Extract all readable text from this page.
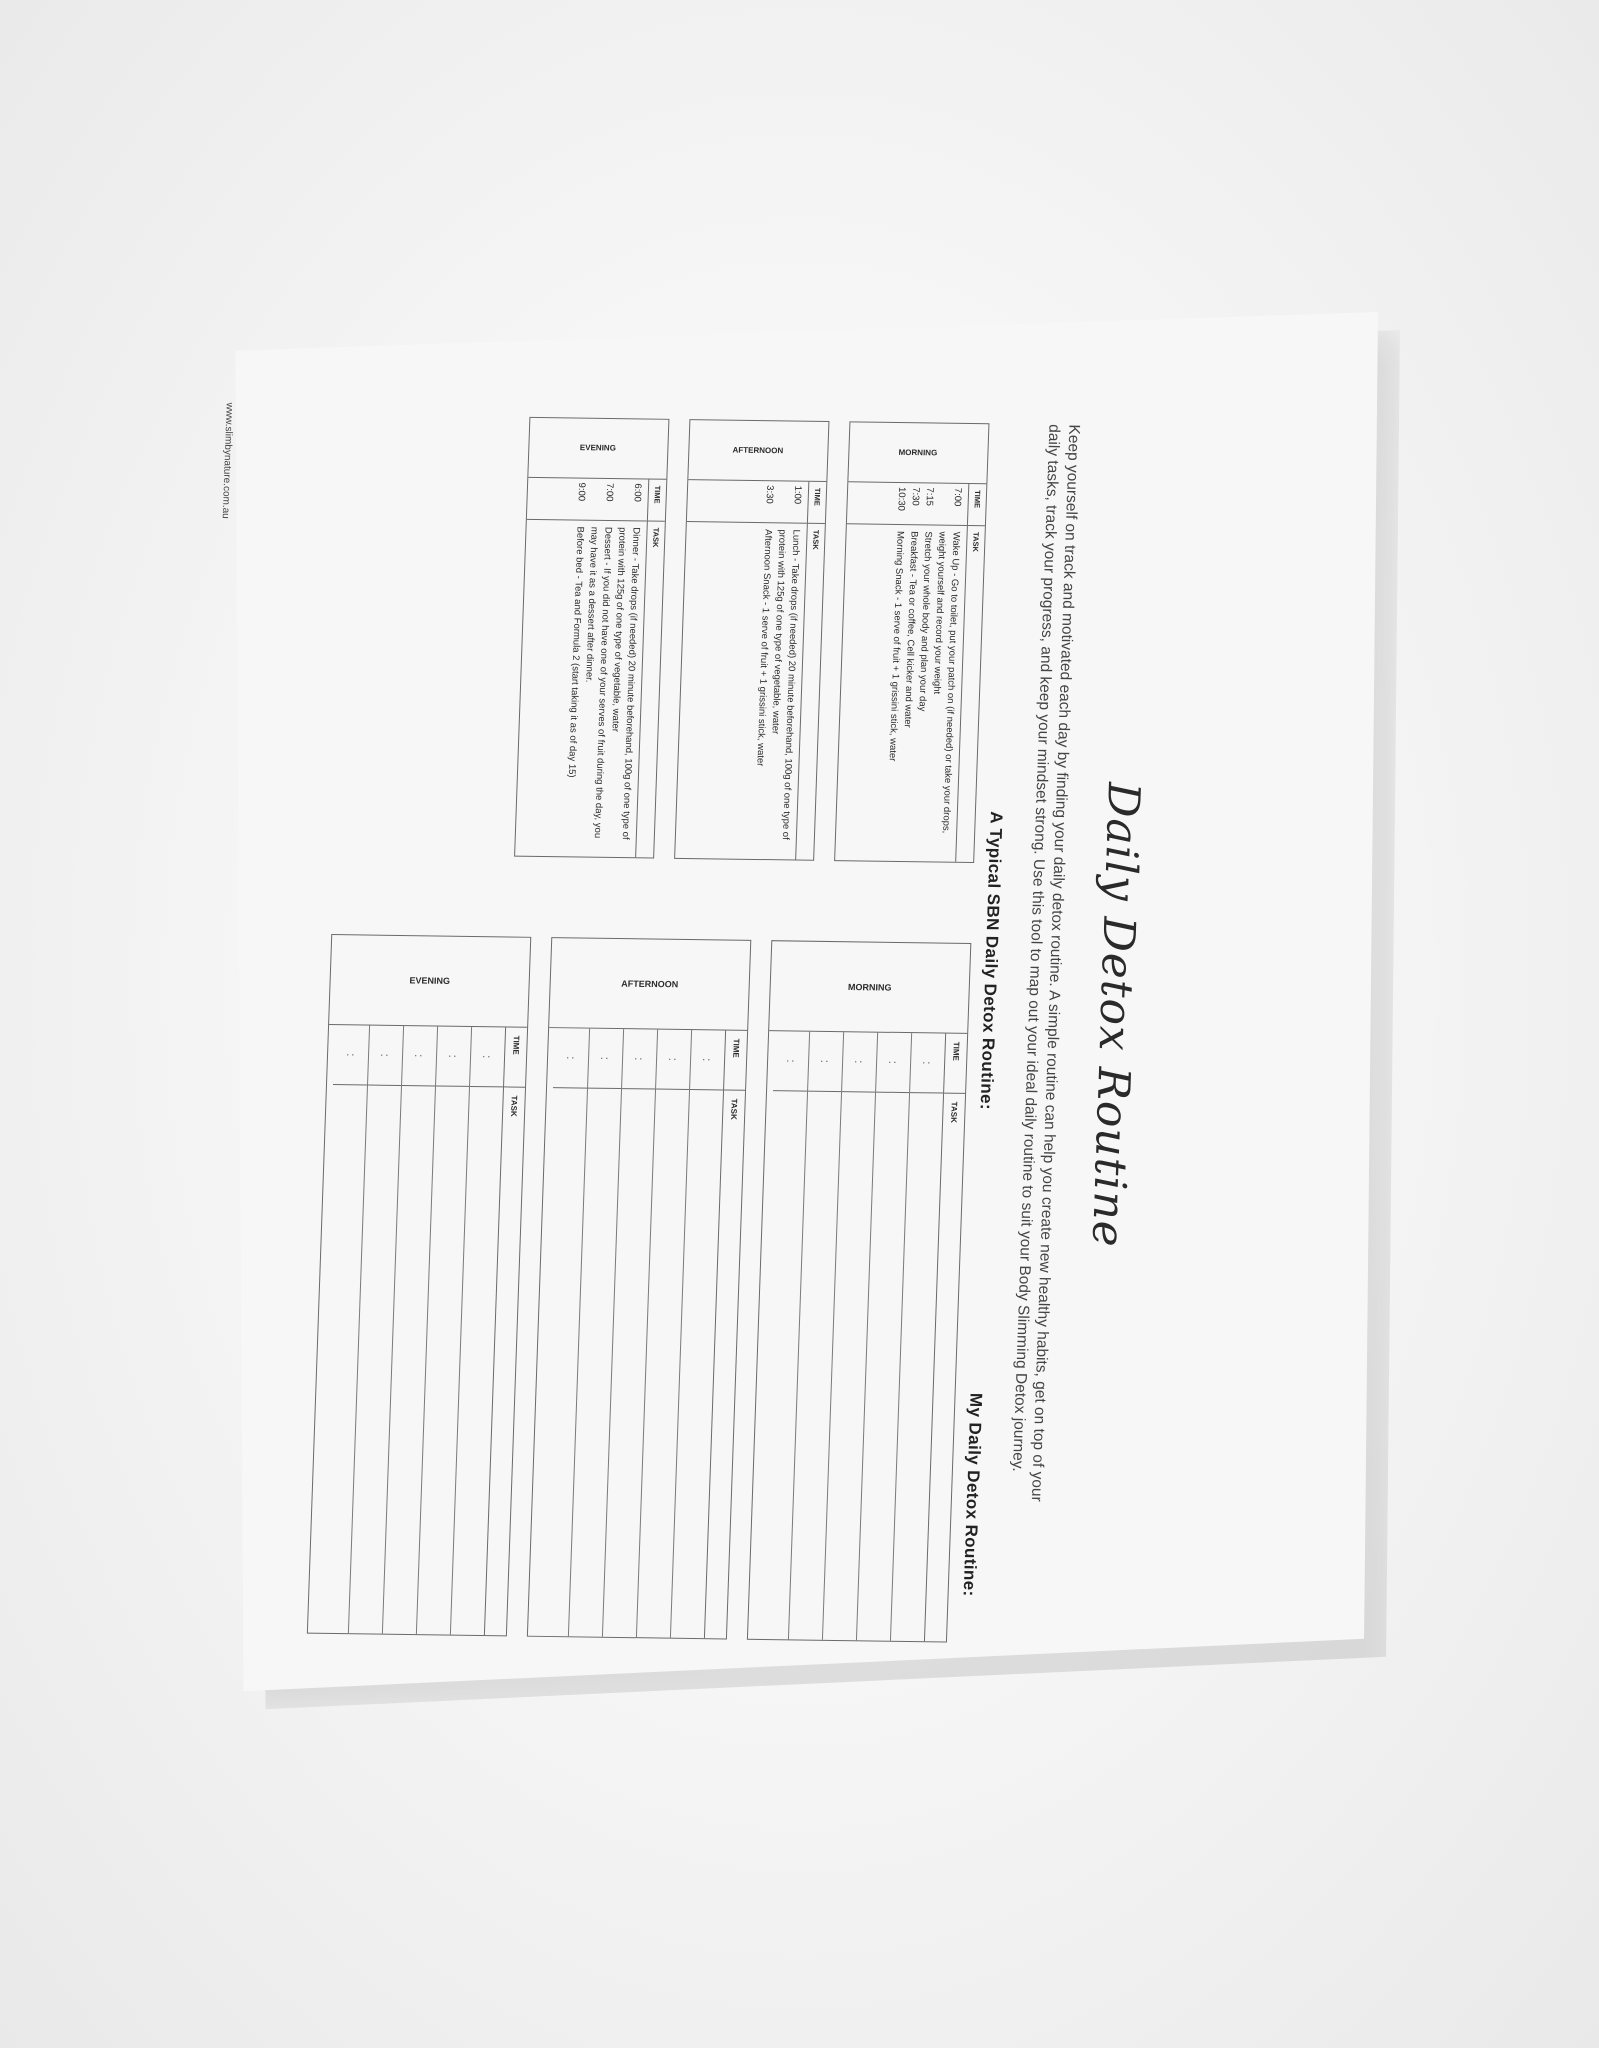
Daily Detox Routine
Keep yourself on track and motivated each day by finding your daily detox routine. A simple routine can help you create new healthy habits, get on top of your daily tasks, track your progress, and keep your mindset strong. Use this tool to map out your ideal daily routine to suit your Body Slimming Detox journey.
A Typical SBN Daily Detox Routine:
My Daily Detox Routine:
www.slimbynature.com.au	MORNING
TIME
TASK
7:00
7:15
7:30
10:30
Wake Up - Go to toilet, put your patch on (if needed) or take your drops, weight yourself and record your weight
Stretch your whole body and plan your day
Breakfast - Tea or coffee, Cell kicker and water
Morning Snack - 1 serve of fruit + 1 grissini stick, water
AFTERNOON
TIME
TASK
1:00
3:30
Lunch - Take drops (if needed) 20 minute beforehand, 100g of one type of protein with 125g of one type of vegetable, water
Afternoon Snack - 1 serve of fruit + 1 grissini stick, water
EVENING
TIME
TASK
6:00
7:00
9:00
Dinner - Take drops (if needed) 20 minute beforehand, 100g of one type of protein with 125g of one type of vegetable, water
Dessert - If you did not have one of your serves of fruit during the day, you may have it as a dessert after dinner.
Before bed - Tea and Formula 2 (start taking it as of day 15)
MORNING
TIME
TASK
:
:
:
:
:
AFTERNOON
TIME
TASK
:
:
:
:
:
EVENING
TIME
TASK
:
:
:
:
:
